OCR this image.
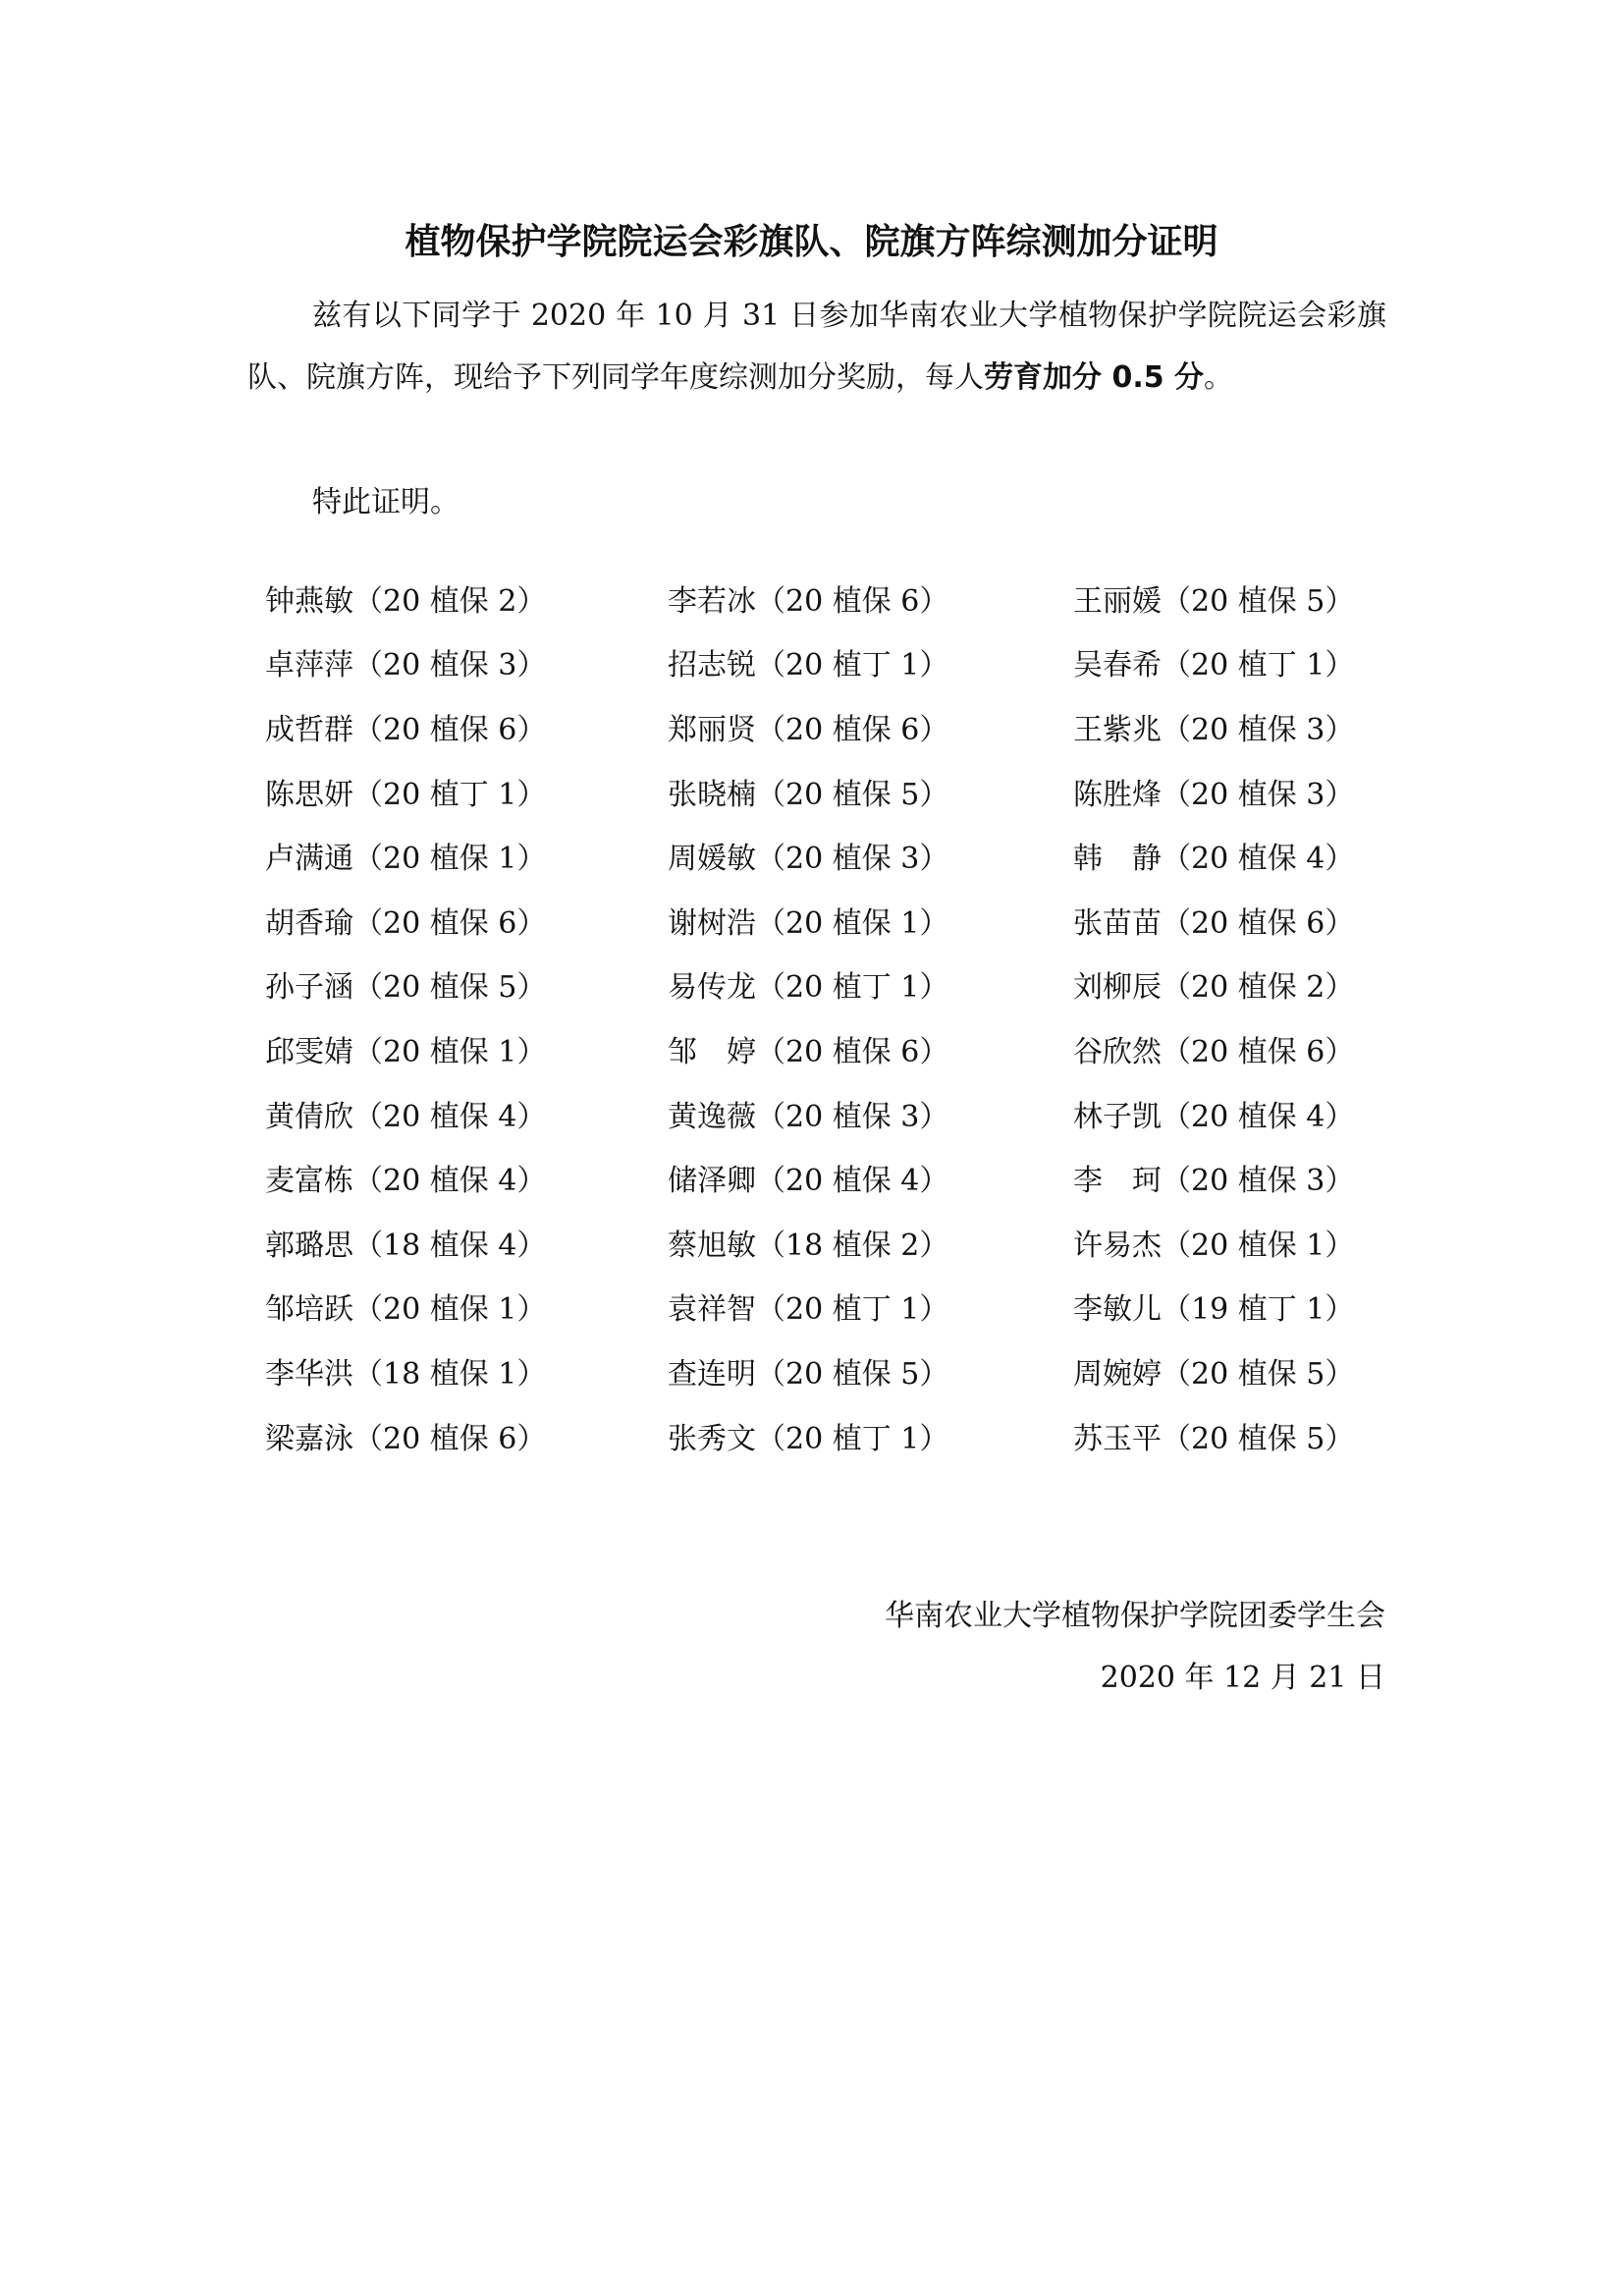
植物保护学院院运会彩旗队、院旗方阵综测加分证明

兹有以下同学于 2020 年 10 月 31 日参加华南农业大学植物保护学院院运会彩旗队、院旗方阵，现给予下列同学年度综测加分奖励，每人劳育加分 0.5 分。

特此证明。

钟燕敏（20 植保 2）	李若冰（20 植保 6）	王丽媛（20 植保 5）
卓萍萍（20 植保 3）	招志锐（20 植丁 1）	吴春希（20 植丁 1）
成哲群（20 植保 6）	郑丽贤（20 植保 6）	王紫兆（20 植保 3）
陈思妍（20 植丁 1）	张晓楠（20 植保 5）	陈胜烽（20 植保 3）
卢满通（20 植保 1）	周媛敏（20 植保 3）	韩　静（20 植保 4）
胡香瑜（20 植保 6）	谢树浩（20 植保 1）	张苗苗（20 植保 6）
孙子涵（20 植保 5）	易传龙（20 植丁 1）	刘柳辰（20 植保 2）
邱雯婧（20 植保 1）	邹　婷（20 植保 6）	谷欣然（20 植保 6）
黄倩欣（20 植保 4）	黄逸薇（20 植保 3）	林子凯（20 植保 4）
麦富栋（20 植保 4）	储泽卿（20 植保 4）	李　珂（20 植保 3）
郭璐思（18 植保 4）	蔡旭敏（18 植保 2）	许易杰（20 植保 1）
邹培跃（20 植保 1）	袁祥智（20 植丁 1）	李敏儿（19 植丁 1）
李华洪（18 植保 1）	查连明（20 植保 5）	周婉婷（20 植保 5）
梁嘉泳（20 植保 6）	张秀文（20 植丁 1）	苏玉平（20 植保 5）
华南农业大学植物保护学院团委学生会
2020 年 12 月 21 日
